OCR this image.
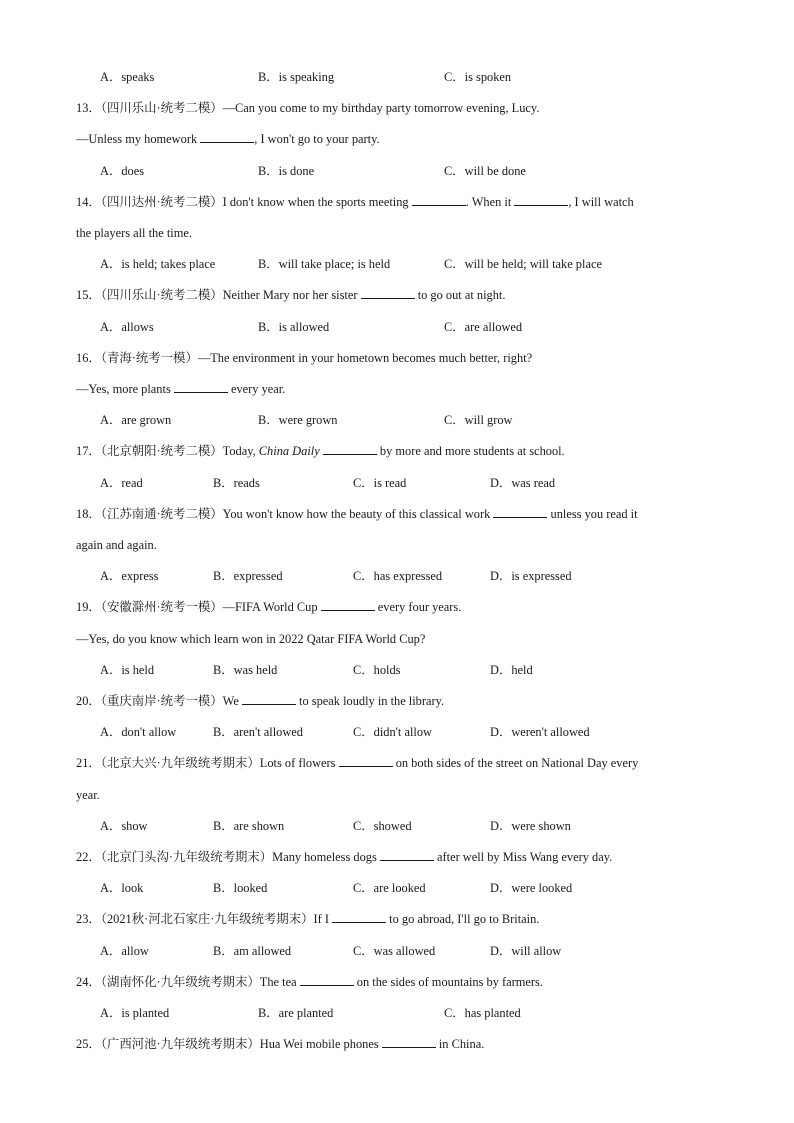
A．speaks	B．is speaking	C．is spoken
13．（四川乐山·统考二模）—Can you come to my birthday party tomorrow evening, Lucy.
—Unless my homework	, I won't go to your party.
A．does	B．is done	C．will be done
14．（四川达州·统考二模）I don't know when the sports meeting	. When it	, I will watch
the players all the time.
A．is held; takes place	B．will take place; is held	C．will be held; will take place
15．（四川乐山·统考二模）Neither Mary nor her sister	to go out at night.
A．allows	B．is allowed	C．are allowed
16．（青海·统考一模）—The environment in your hometown becomes much better, right?
—Yes, more plants	every year.
A．are grown	B．were grown	C．will grow
17．（北京朝阳·统考二模）Today, China Daily	by more and more students at school.
A．read	B．reads	C．is read	D．was read
18．（江苏南通·统考二模）You won't know how the beauty of this classical work	unless you read it
again and again.
A．express	B．expressed	C．has expressed	D．is expressed
19．（安徽滁州·统考一模）—FIFA World Cup	every four years.
—Yes, do you know which learn won in 2022 Qatar FIFA World Cup?
A．is held	B．was held	C．holds	D．held
20．（重庆南岸·统考一模）We	to speak loudly in the library.
A．don't allow	B．aren't allowed	C．didn't allow	D．weren't allowed
21．（北京大兴·九年级统考期末）Lots of flowers	on both sides of the street on National Day every
year.
A．show	B．are shown	C．showed	D．were shown
22．（北京门头沟·九年级统考期末）Many homeless dogs	after well by Miss Wang every day.
A．look	B．looked	C．are looked	D．were looked
23．（2021秋·河北石家庄·九年级统考期末）If I	to go abroad, I'll go to Britain.
A．allow	B．am allowed	C．was allowed	D．will allow
24．（湖南怀化·九年级统考期末）The tea	on the sides of mountains by farmers.
A．is planted	B．are planted	C．has planted
25．（广西河池·九年级统考期末）Hua Wei mobile phones	in China.
